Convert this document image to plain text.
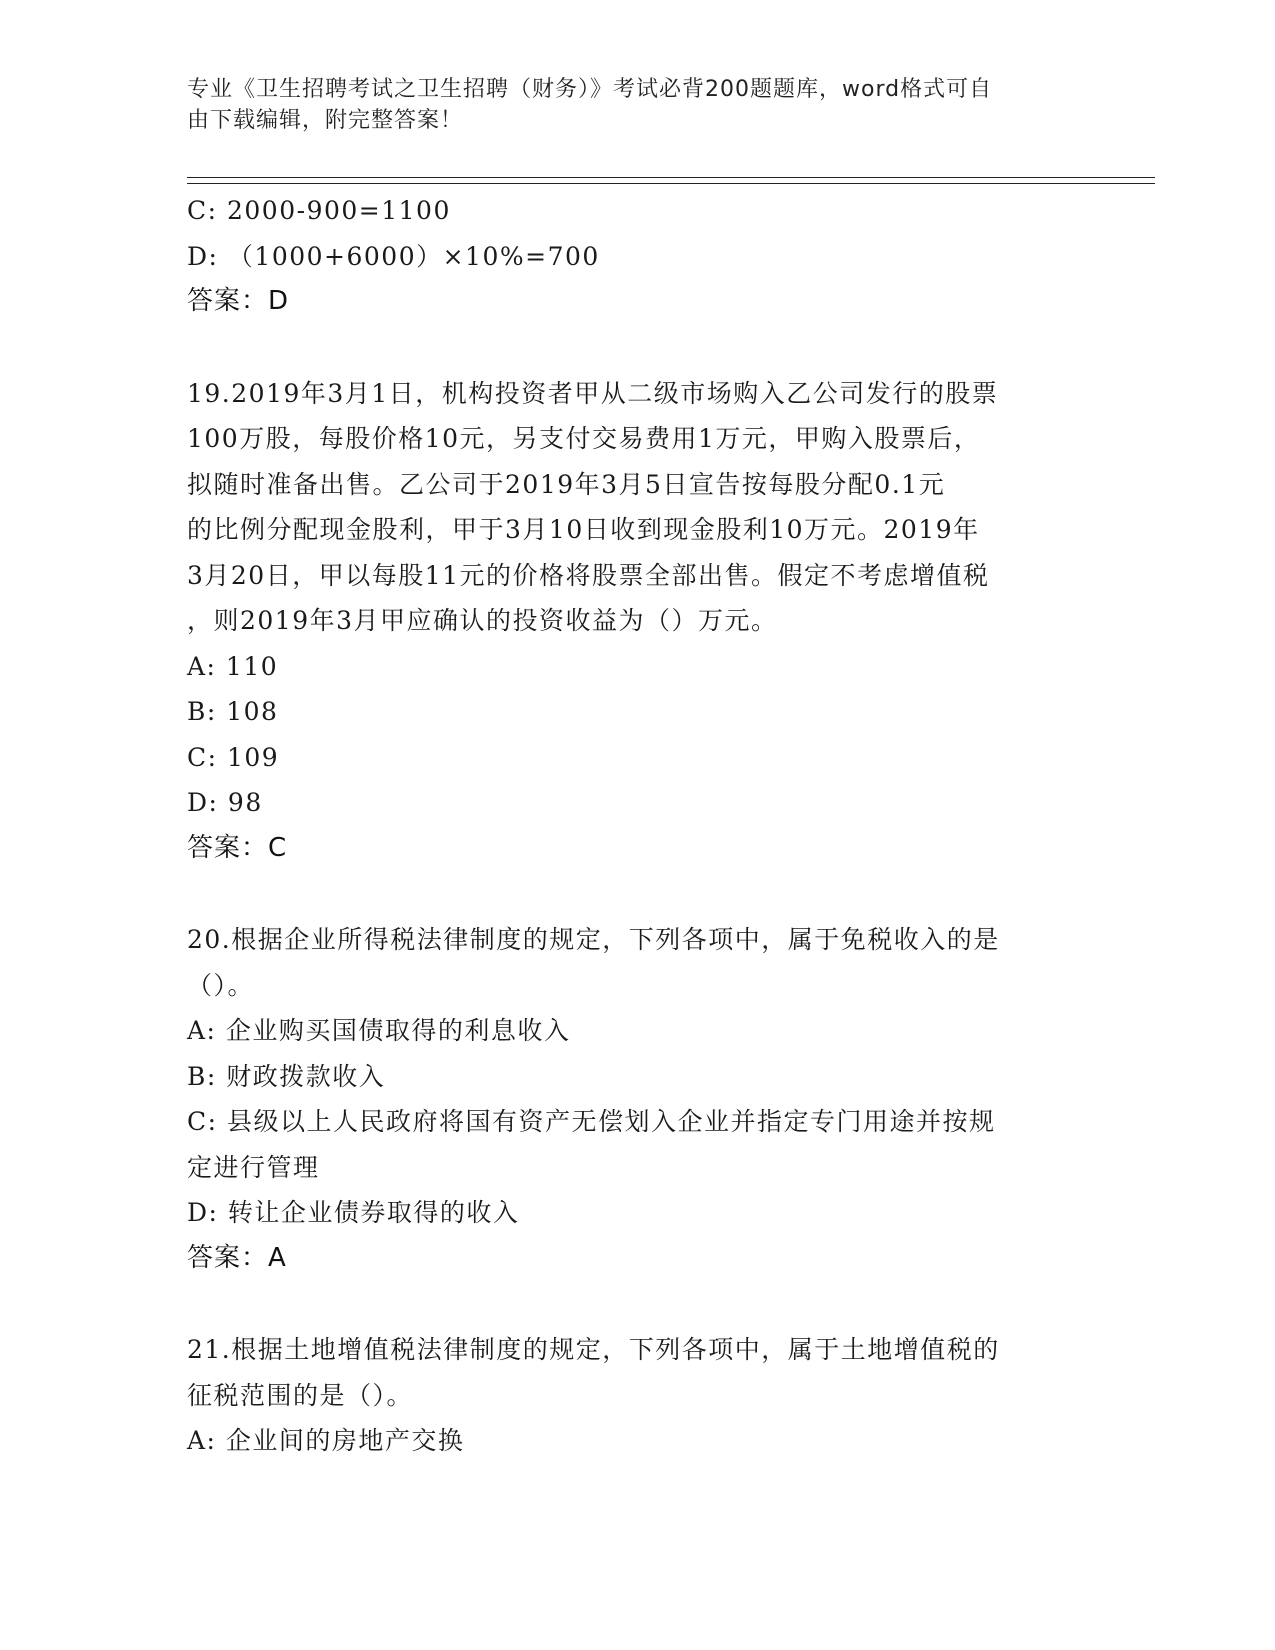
专业《卫生招聘考试之卫生招聘（财务）》考试必背200题题库，word格式可自
由下载编辑，附完整答案！
C: 2000-900=1100
D: （1000+6000）×10%=700
答案：D
19.2019年3月1日，机构投资者甲从二级市场购入乙公司发行的股票
100万股，每股价格10元，另支付交易费用1万元，甲购入股票后，
拟随时准备出售。乙公司于2019年3月5日宣告按每股分配0.1元
的比例分配现金股利，甲于3月10日收到现金股利10万元。2019年
3月20日，甲以每股11元的价格将股票全部出售。假定不考虑增值税
，则2019年3月甲应确认的投资收益为（）万元。
A: 110
B: 108
C: 109
D: 98
答案：C
20.根据企业所得税法律制度的规定，下列各项中，属于免税收入的是
（）。
A: 企业购买国债取得的利息收入
B: 财政拨款收入
C: 县级以上人民政府将国有资产无偿划入企业并指定专门用途并按规
定进行管理
D: 转让企业债券取得的收入
答案：A
21.根据土地增值税法律制度的规定，下列各项中，属于土地增值税的
征税范围的是（）。
A: 企业间的房地产交换
